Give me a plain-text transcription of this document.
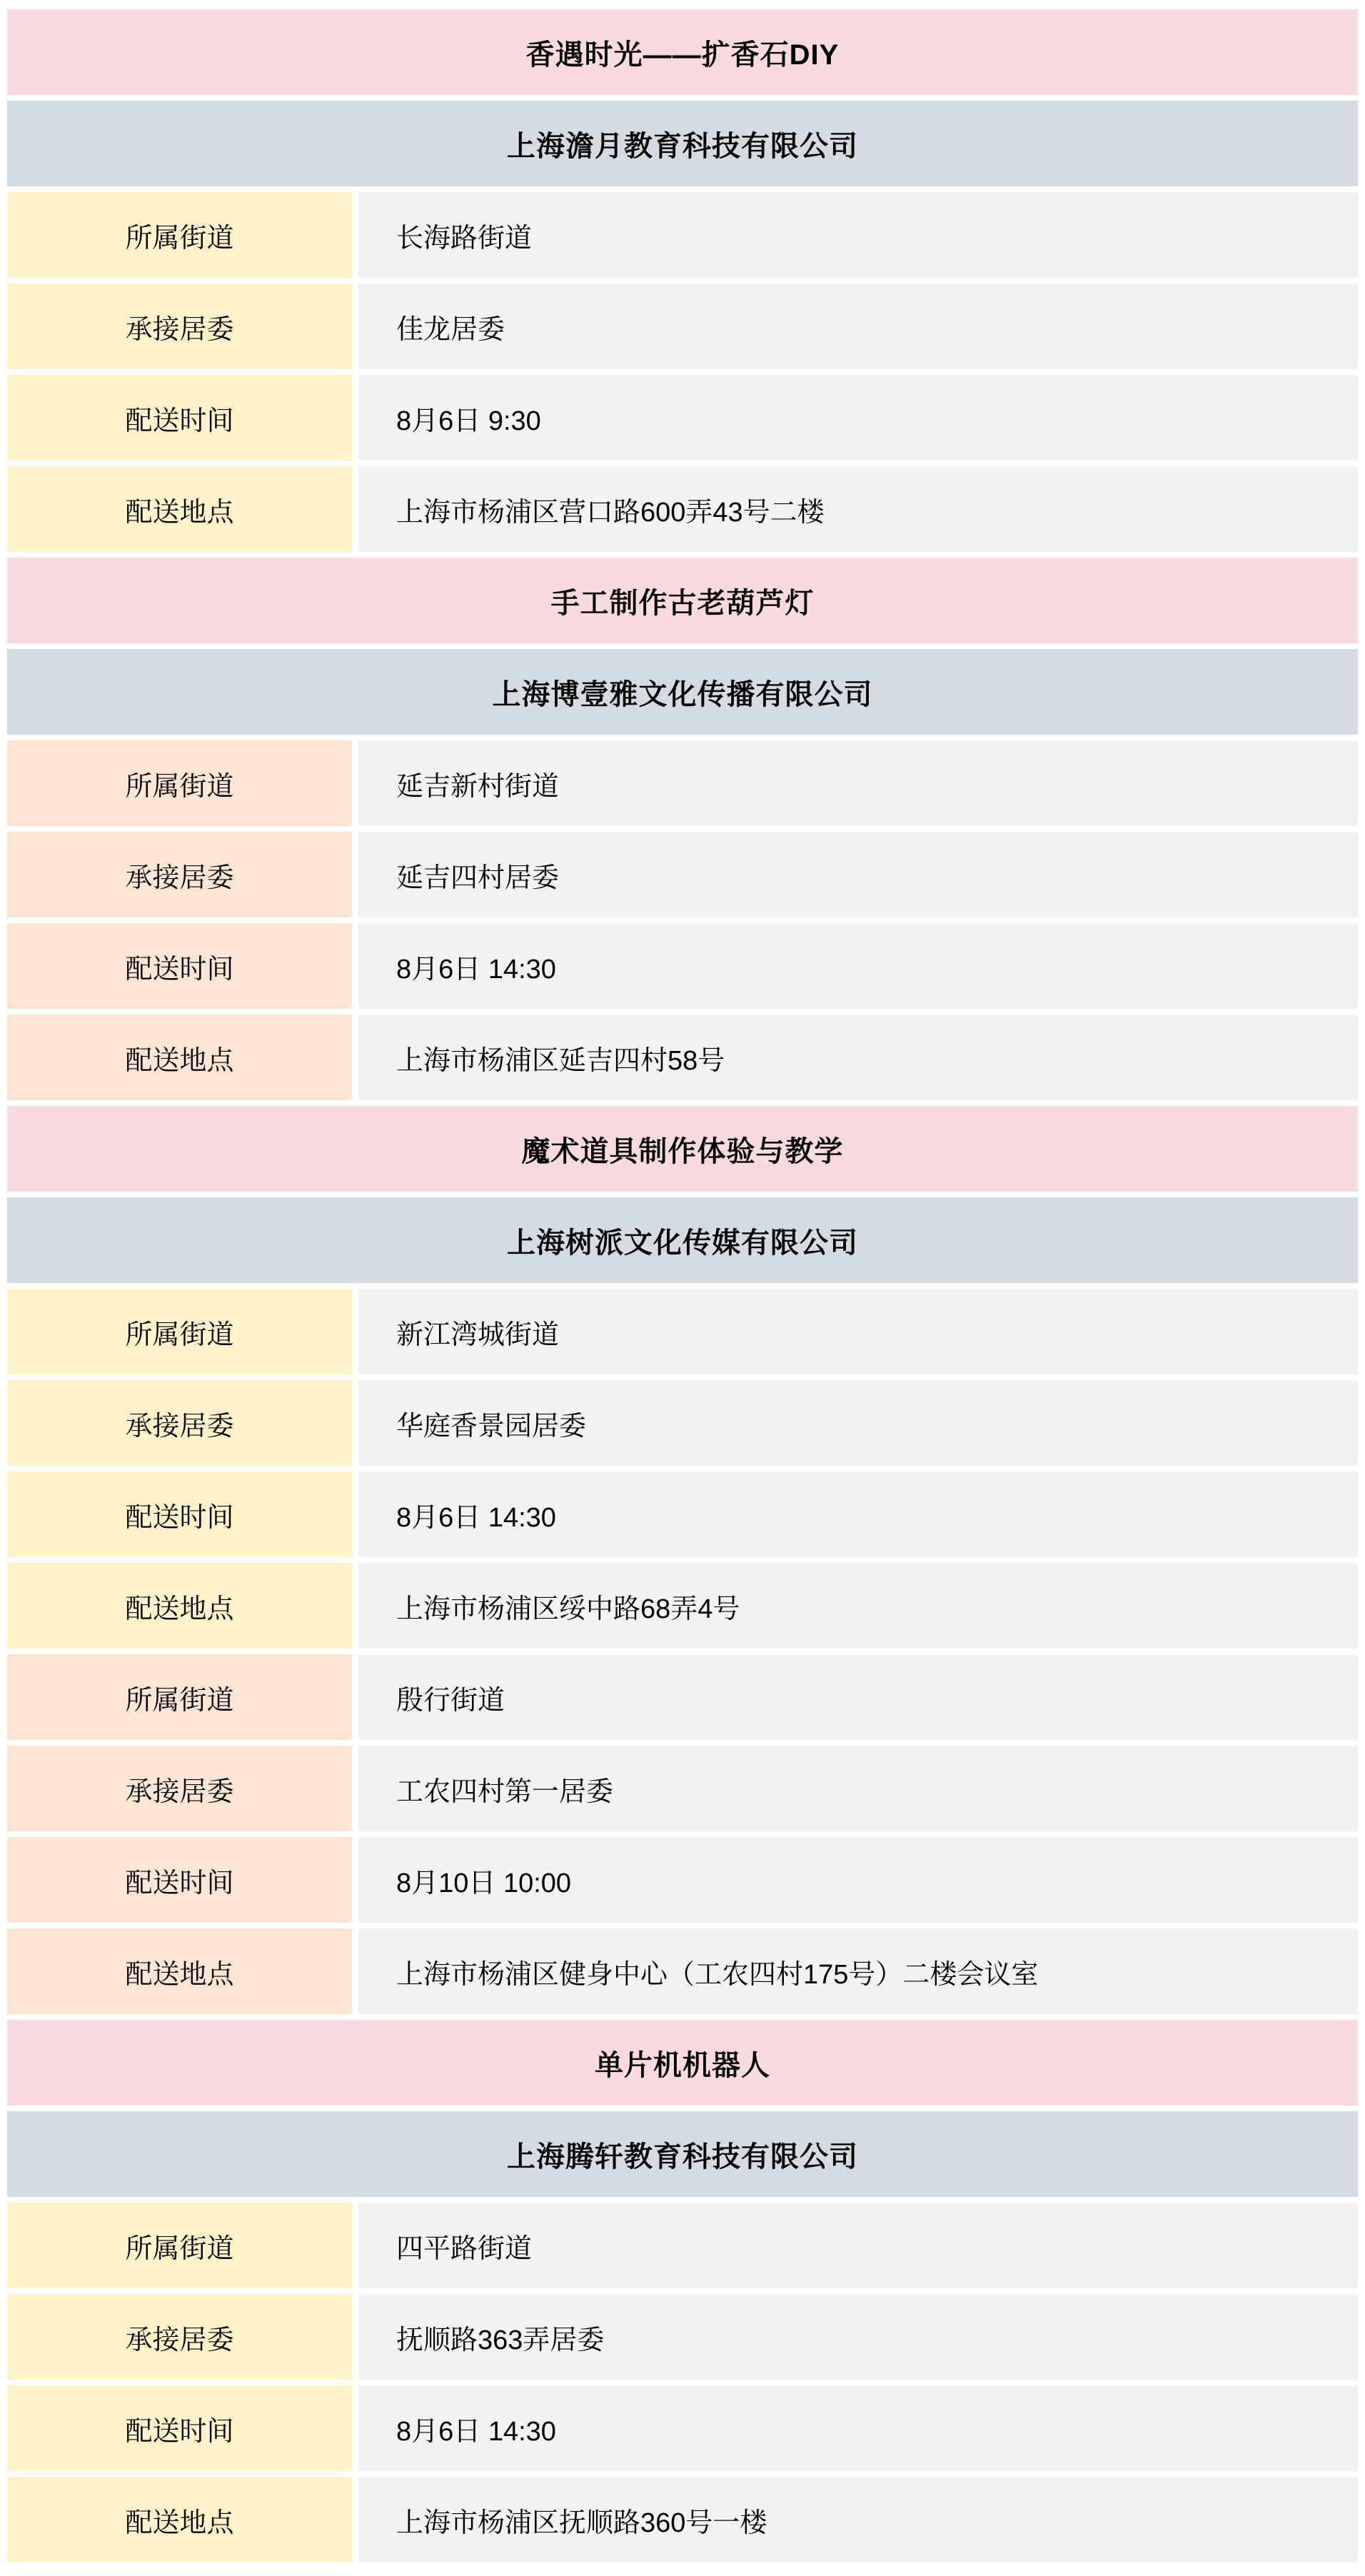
香遇时光——扩香石DIY
上海澹月教育科技有限公司
所属街道	长海路街道
承接居委	佳龙居委
配送时间	8月6日 9:30
配送地点	上海市杨浦区营口路600弄43号二楼
手工制作古老葫芦灯
上海博壹雅文化传播有限公司
所属街道	延吉新村街道
承接居委	延吉四村居委
配送时间	8月6日 14:30
配送地点	上海市杨浦区延吉四村58号
魔术道具制作体验与教学
上海树派文化传媒有限公司
所属街道	新江湾城街道
承接居委	华庭香景园居委
配送时间	8月6日 14:30
配送地点	上海市杨浦区绥中路68弄4号
所属街道	殷行街道
承接居委	工农四村第一居委
配送时间	8月10日 10:00
配送地点	上海市杨浦区健身中心（工农四村175号）二楼会议室
单片机机器人
上海腾轩教育科技有限公司
所属街道	四平路街道
承接居委	抚顺路363弄居委
配送时间	8月6日 14:30
配送地点	上海市杨浦区抚顺路360号一楼
